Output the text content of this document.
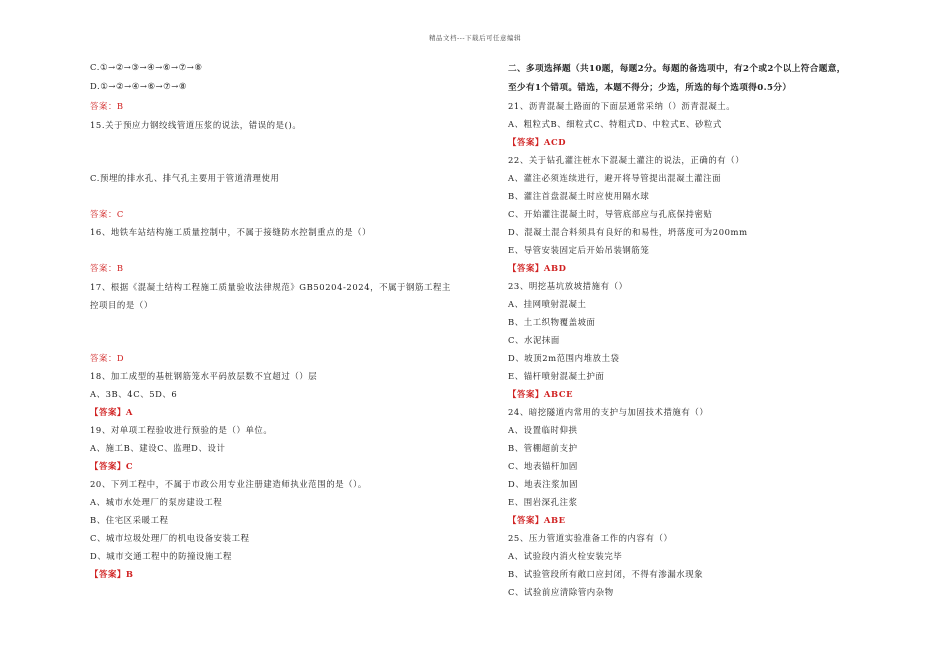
精品文档---下载后可任意编辑
C.①→②→③→④→⑥→⑦→⑧
D.①→②→④→⑥→⑦→⑧
答案：B
15.关于预应力钢绞线管道压浆的说法，错误的是()。
C.预埋的排水孔、排气孔主要用于管道清理使用
答案：C
16、地铁车站结构施工质量控制中，不属于接缝防水控制重点的是（）
答案：B
17、根据《混凝土结构工程施工质量验收法律规范》GB50204-2024，不属于钢筋工程主
控项目的是（）
答案：D
18、加工成型的基桩钢筋笼水平码放层数不宜超过（）层
A、3B、4C、5D、6
【答案】A
19、对单项工程验收进行预验的是（）单位。
A、施工B、建设C、监理D、设计
【答案】C
20、下列工程中，不属于市政公用专业注册建造师执业范围的是（）。
A、城市水处理厂的泵房建设工程
B、住宅区采暖工程
C、城市垃圾处理厂的机电设备安装工程
D、城市交通工程中的防撞设施工程
【答案】B
二、多项选择题（共10题，每题2分。每题的备选项中，有2个或2个以上符合题意，
至少有1个错项。错选，本题不得分；少选，所选的每个选项得0.5分）
21、沥青混凝土路面的下面层通常采纳（）沥青混凝土。
A、粗粒式B、细粒式C、特粗式D、中粒式E、砂粒式
【答案】ACD
22、关于钻孔灌注桩水下混凝土灌注的说法，正确的有（）
A、灌注必须连续进行，避开将导管提出混凝土灌注面
B、灌注首盘混凝土时应使用隔水球
C、开始灌注混凝土时，导管底部应与孔底保持密贴
D、混凝土混合料须具有良好的和易性，坍落度可为200mm
E、导管安装固定后开始吊装钢筋笼
【答案】ABD
23、明挖基坑放坡措施有（）
A、挂网喷射混凝土
B、土工织物覆盖坡面
C、水泥抹面
D、坡顶2m范围内堆放土袋
E、锚杆喷射混凝土护面
【答案】ABCE
24、暗挖隧道内常用的支护与加固技术措施有（）
A、设置临时仰拱
B、管棚超前支护
C、地表锚杆加固
D、地表注浆加固
E、围岩深孔注浆
【答案】ABE
25、压力管道实验准备工作的内容有（）
A、试验段内消火栓安装完毕
B、试验管段所有敞口应封闭，不得有渗漏水现象
C、试验前应清除管内杂物
